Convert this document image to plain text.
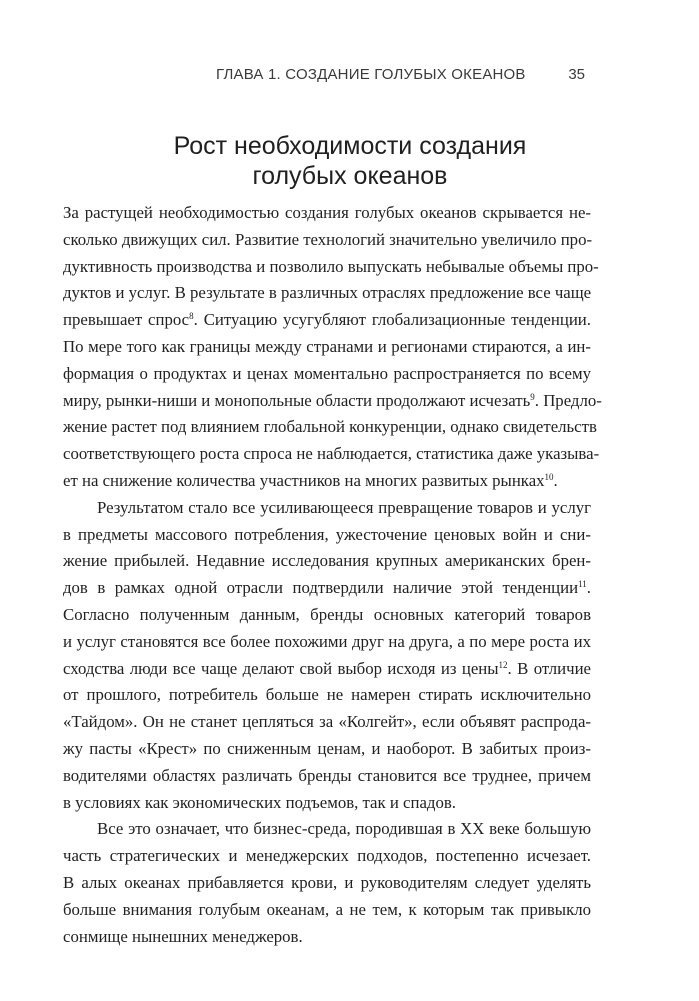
ГЛАВА 1. СОЗДАНИЕ ГОЛУБЫХ ОКЕАНОВ	35
Рост необходимости создания
голубых океанов
За растущей необходимостью создания голубых океанов скрывается не-
сколько движущих сил. Развитие технологий значительно увеличило про-
дуктивность производства и позволило выпускать небывалые объемы про-
дуктов и услуг. В результате в различных отраслях предложение все чаще
превышает спрос$^8$. Ситуацию усугубляют глобализационные тенденции.
По мере того как границы между странами и регионами стираются, а ин-
формация о продуктах и ценах моментально распространяется по всему
миру, рынки-ниши и монопольные области продолжают исчезать$^9$. Предло-
жение растет под влиянием глобальной конкуренции, однако свидетельств
соответствующего роста спроса не наблюдается, статистика даже указыва-
ет на снижение количества участников на многих развитых рынках$^{10}$.
Результатом стало все усиливающееся превращение товаров и услуг
в предметы массового потребления, ужесточение ценовых войн и сни-
жение прибылей. Недавние исследования крупных американских брен-
дов в рамках одной отрасли подтвердили наличие этой тенденции$^{11}$.
Согласно полученным данным, бренды основных категорий товаров
и услуг становятся все более похожими друг на друга, а по мере роста их
сходства люди все чаще делают свой выбор исходя из цены$^{12}$. В отличие
от прошлого, потребитель больше не намерен стирать исключительно
«Тайдом». Он не станет цепляться за «Колгейт», если объявят распрода-
жу пасты «Крест» по сниженным ценам, и наоборот. В забитых произ-
водителями областях различать бренды становится все труднее, причем
в условиях как экономических подъемов, так и спадов.
Все это означает, что бизнес-среда, породившая в XX веке большую
часть стратегических и менеджерских подходов, постепенно исчезает.
В алых океанах прибавляется крови, и руководителям следует уделять
больше внимания голубым океанам, а не тем, к которым так привыкло
сонмище нынешних менеджеров.
